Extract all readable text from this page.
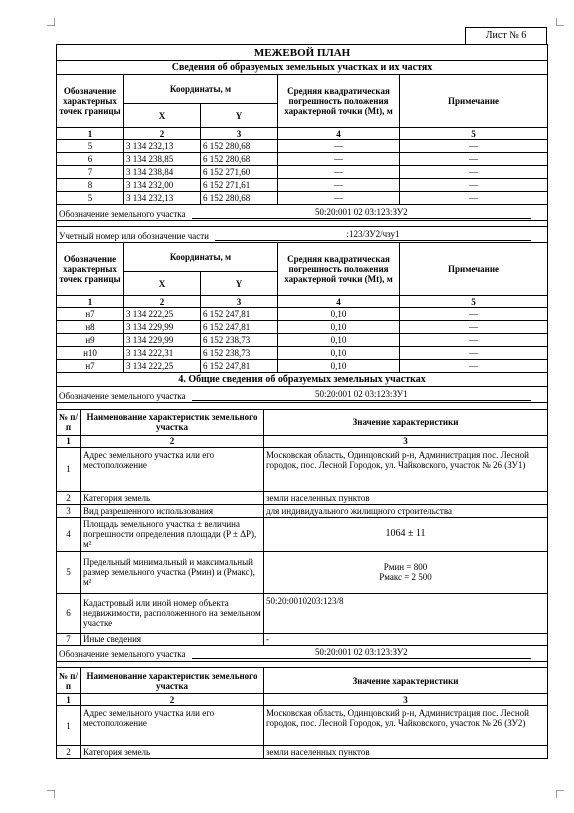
Лист № 6
МЕЖЕВОЙ ПЛАН				
Сведения об образуемых земельных участках и их частях				
Обозначение характерных точек границы	Координаты, м		Средняя квадратическая погрешность положения характерной точки (Mt), м	Примечание
	X	Y		
1	2	3	4	5
5	3 134 232,13	6 152 280,68	—	—
6	3 134 238,85	6 152 280,68	—	—
7	3 134 238,84	6 152 271,60	—	—
8	3 134 232,00	6 152 271,61	—	—
5	3 134 232,13	6 152 280,68	—	—

Обозначение земельного участка 50:20:001 02 03:123:ЗУ2				

Учетный номер или обозначение части :123/ЗУ2/чзу1				

Обозначение характерных точек границы	Координаты, м		Средняя квадратическая погрешность положения характерной точки (Mt), м	Примечание
	X	Y		
1	2	3	4	5
н7	3 134 222,25	6 152 247,81	0,10	—
н8	3 134 229,99	6 152 247,81	0,10	—
н9	3 134 229,99	6 152 238,73	0,10	—
н10	3 134 222,31	6 152 238,73	0,10	—
н7	3 134 222,25	6 152 247,81	0,10	—
4. Общие сведения об образуемых земельных участках				

Обозначение земельного участка 50:20:001 02 03:123:ЗУ1				

№ п/п	Наименование характеристик земельного участка	Значение характеристики
1	2	3
1	Адрес земельного участка или его местоположение	Московская область, Одинцовский р-н, Администрация пос. Лесной городок, пос. Лесной Городок, ул. Чайковского, участок № 26 (ЗУ1)
2	Категория земель	земли населенных пунктов
3	Вид разрешенного использования	для индивидуального жилищного строительства
4	Площадь земельного участка ± величина погрешности определения площади (P ± ΔP), м²	1064 ± 11
5	Предельный минимальный и максимальный размер земельного участка (Pмин) и (Pмакс), м²	Pмин = 800
Pмакс = 2 500

6	Кадастровый или иной номер объекта недвижимости, расположенного на земельном участке	50:20:0010203:123/8
7	Иные сведения	-

Обозначение земельного участка 50:20:001 02 03:123:ЗУ2		

№ п/п	Наименование характеристик земельного участка	Значение характеристики
1	2	3
1	Адрес земельного участка или его местоположение	Московская область, Одинцовский р-н, Администрация пос. Лесной городок, пос. Лесной Городок, ул. Чайковского, участок № 26 (ЗУ2)
2	Категория земель	земли населенных пунктов
